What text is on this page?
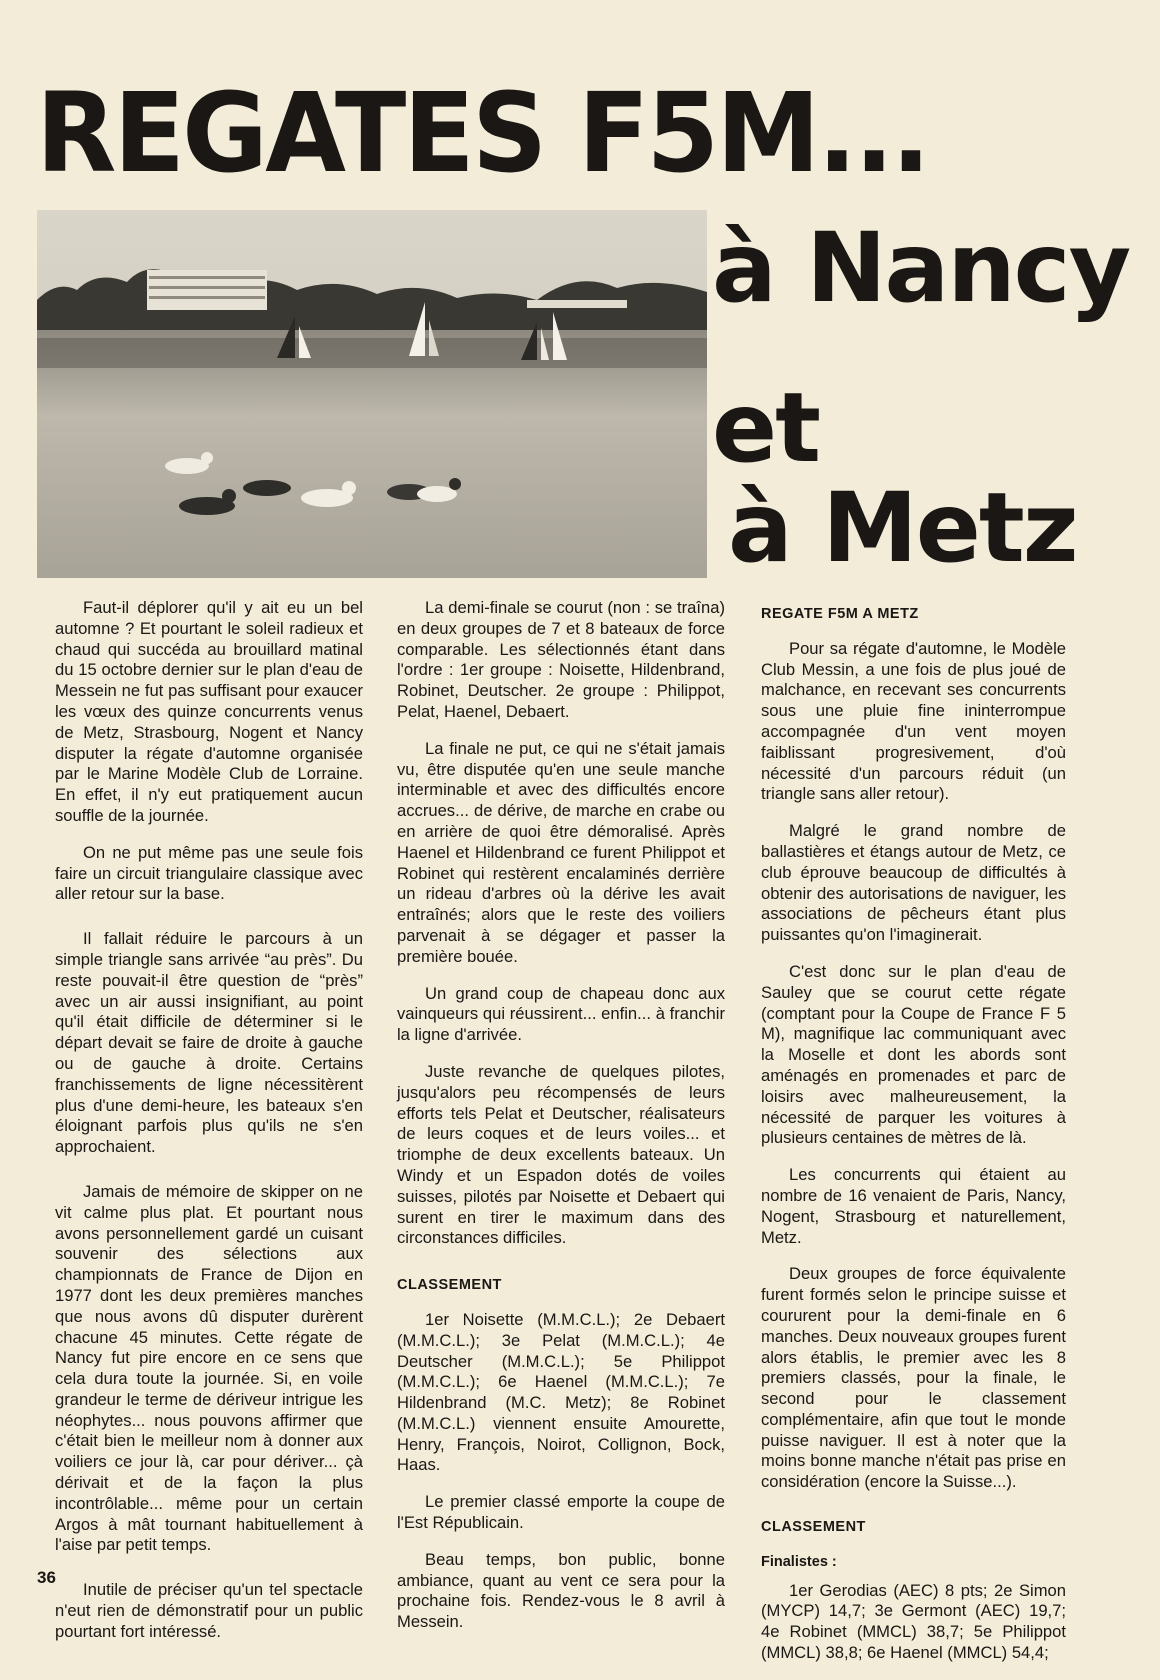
REGATES F5M...
à Nancy
et
à Metz

Faut-il déplorer qu'il y ait eu un bel automne ? Et pourtant le soleil radieux et chaud qui succéda au brouillard matinal du 15 octobre dernier sur le plan d'eau de Messein ne fut pas suffisant pour exaucer les vœux des quinze concurrents venus de Metz, Strasbourg, Nogent et Nancy disputer la régate d'automne organisée par le Marine Modèle Club de Lorraine. En effet, il n'y eut pratiquement aucun souffle de la journée.

On ne put même pas une seule fois faire un circuit triangulaire classique avec aller retour sur la base.

Il fallait réduire le parcours à un simple triangle sans arrivée “au près”. Du reste pouvait-il être question de “près” avec un air aussi insignifiant, au point qu'il était difficile de déterminer si le départ devait se faire de droite à gauche ou de gauche à droite. Certains franchissements de ligne nécessitèrent plus d'une demi-heure, les bateaux s'en éloignant parfois plus qu'ils ne s'en approchaient.

Jamais de mémoire de skipper on ne vit calme plus plat. Et pourtant nous avons personnellement gardé un cuisant souvenir des sélections aux championnats de France de Dijon en 1977 dont les deux premières manches que nous avons dû disputer durèrent chacune 45 minutes. Cette régate de Nancy fut pire encore en ce sens que cela dura toute la journée. Si, en voile grandeur le terme de dériveur intrigue les néophytes... nous pouvons affirmer que c'était bien le meilleur nom à donner aux voiliers ce jour là, car pour dériver... çà dérivait et de la façon la plus incontrôlable... même pour un certain Argos à mât tournant habituellement à l'aise par petit temps.

Inutile de préciser qu'un tel spectacle n'eut rien de démonstratif pour un public pourtant fort intéressé.

La demi-finale se courut (non : se traîna) en deux groupes de 7 et 8 bateaux de force comparable. Les sélectionnés étant dans l'ordre : 1er groupe : Noisette, Hildenbrand, Robinet, Deutscher. 2e groupe : Philippot, Pelat, Haenel, Debaert.

La finale ne put, ce qui ne s'était jamais vu, être disputée qu'en une seule manche interminable et avec des difficultés encore accrues... de dérive, de marche en crabe ou en arrière de quoi être démoralisé. Après Haenel et Hildenbrand ce furent Philippot et Robinet qui restèrent encalaminés derrière un rideau d'arbres où la dérive les avait entraînés; alors que le reste des voiliers parvenait à se dégager et passer la première bouée.

Un grand coup de chapeau donc aux vainqueurs qui réussirent... enfin... à franchir la ligne d'arrivée.

Juste revanche de quelques pilotes, jusqu'alors peu récompensés de leurs efforts tels Pelat et Deutscher, réalisateurs de leurs coques et de leurs voiles... et triomphe de deux excellents bateaux. Un Windy et un Espadon dotés de voiles suisses, pilotés par Noisette et Debaert qui surent en tirer le maximum dans des circonstances difficiles.

CLASSEMENT

1er Noisette (M.M.C.L.); 2e Debaert (M.M.C.L.); 3e Pelat (M.M.C.L.); 4e Deutscher (M.M.C.L.); 5e Philippot (M.M.C.L.); 6e Haenel (M.M.C.L.); 7e Hildenbrand (M.C. Metz); 8e Robinet (M.M.C.L.) viennent ensuite Amourette, Henry, François, Noirot, Collignon, Bock, Haas.

Le premier classé emporte la coupe de l'Est Républicain.

Beau temps, bon public, bonne ambiance, quant au vent ce sera pour la prochaine fois. Rendez-vous le 8 avril à Messein.

REGATE F5M A METZ

Pour sa régate d'automne, le Modèle Club Messin, a une fois de plus joué de malchance, en recevant ses concurrents sous une pluie fine ininterrompue accompagnée d'un vent moyen faiblissant progresivement, d'où nécessité d'un parcours réduit (un triangle sans aller retour).

Malgré le grand nombre de ballastières et étangs autour de Metz, ce club éprouve beaucoup de difficultés à obtenir des autorisations de naviguer, les associations de pêcheurs étant plus puissantes qu'on l'imaginerait.

C'est donc sur le plan d'eau de Sauley que se courut cette régate (comptant pour la Coupe de France F 5 M), magnifique lac communiquant avec la Moselle et dont les abords sont aménagés en promenades et parc de loisirs avec malheureusement, la nécessité de parquer les voitures à plusieurs centaines de mètres de là.

Les concurrents qui étaient au nombre de 16 venaient de Paris, Nancy, Nogent, Strasbourg et naturellement, Metz.

Deux groupes de force équivalente furent formés selon le principe suisse et coururent pour la demi-finale en 6 manches. Deux nouveaux groupes furent alors établis, le premier avec les 8 premiers classés, pour la finale, le second pour le classement complémentaire, afin que tout le monde puisse naviguer. Il est à noter que la moins bonne manche n'était pas prise en considération (encore la Suisse...).

CLASSEMENT
Finalistes :

1er Gerodias (AEC) 8 pts; 2e Simon (MYCP) 14,7; 3e Germont (AEC) 19,7; 4e Robinet (MMCL) 38,7; 5e Philippot (MMCL) 38,8; 6e Haenel (MMCL) 54,4;

36
